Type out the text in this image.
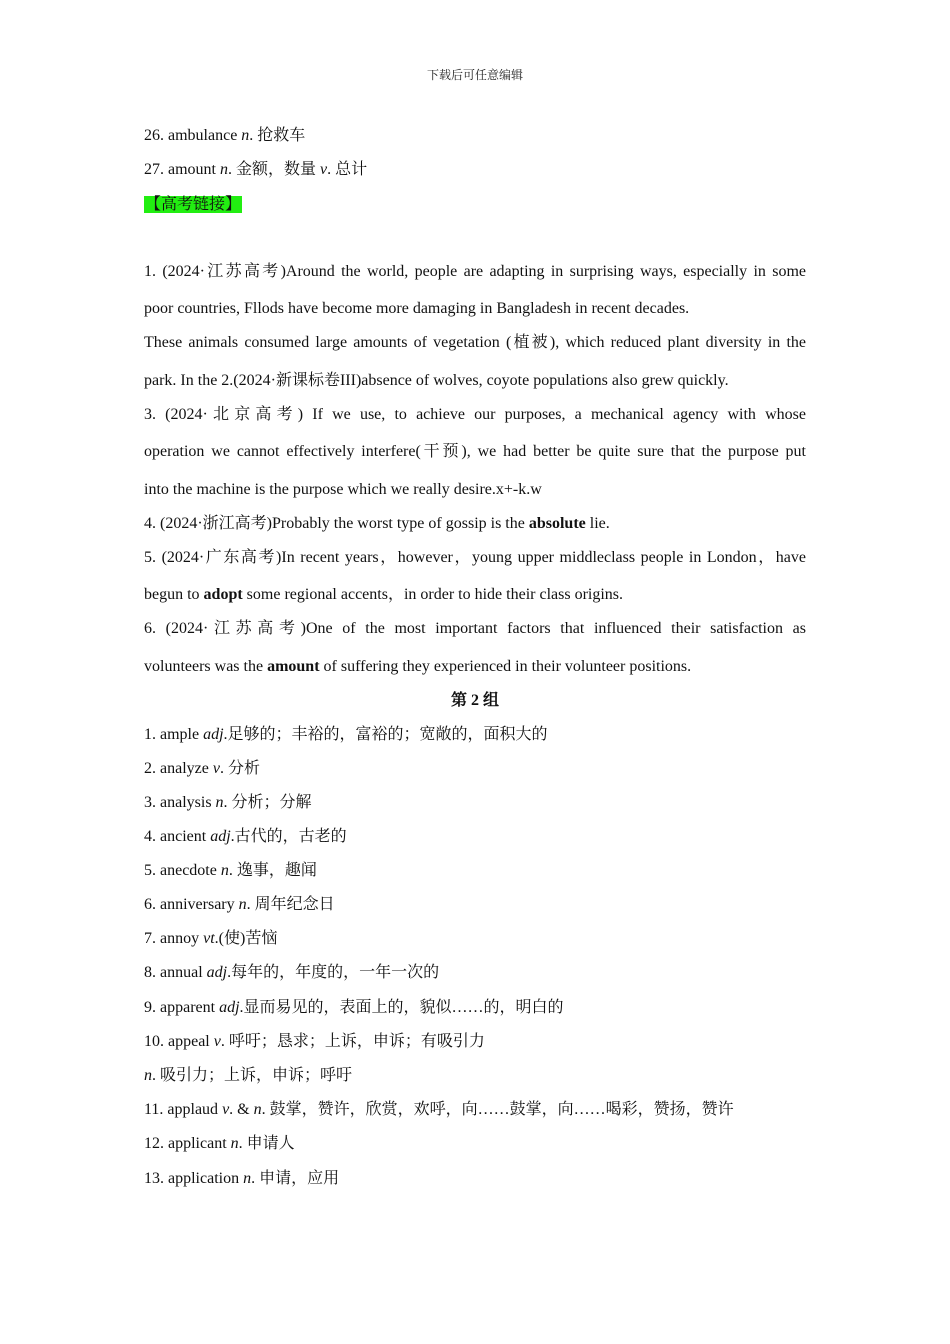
下载后可任意编辑
26. ambulance n. 抢救车
27. amount n. 金额，数量 v. 总计
【高考链接】
1. (2024·江苏高考)Around the world, people are adapting in surprising ways, especially in some
poor countries, Fllods have become more damaging in Bangladesh in recent decades.
These animals consumed large amounts of vegetation (植被), which reduced plant diversity in the
park. In the 2.(2024·新课标卷III)absence of wolves, coyote populations also grew quickly.
3. (2024·北京高考) If we use, to achieve our purposes, a mechanical agency with whose
operation we cannot effectively interfere(干预), we had better be quite sure that the purpose put
into the machine is the purpose which we really desire.x+-k.w
4. (2024·浙江高考)Probably the worst type of gossip is the absolute lie.
5. (2024·广东高考)In recent years，however，young upper middleclass people in London，have
begun to adopt some regional accents，in order to hide their class origins.
6. (2024·江苏高考)One of the most important factors that influenced their satisfaction as
volunteers was the amount of suffering they experienced in their volunteer positions.
第 2 组
1. ample adj.足够的；丰裕的，富裕的；宽敞的，面积大的
2. analyze v. 分析
3. analysis n. 分析；分解
4. ancient adj.古代的，古老的
5. anecdote n. 逸事，趣闻
6. anniversary n. 周年纪念日
7. annoy vt.(使)苦恼
8. annual adj.每年的，年度的，一年一次的
9. apparent adj.显而易见的，表面上的，貌似……的，明白的
10. appeal v. 呼吁；恳求；上诉，申诉；有吸引力
n. 吸引力；上诉，申诉；呼吁
11. applaud v. & n. 鼓掌，赞许，欣赏，欢呼，向……鼓掌，向……喝彩，赞扬，赞许
12. applicant n. 申请人
13. application n. 申请，应用
